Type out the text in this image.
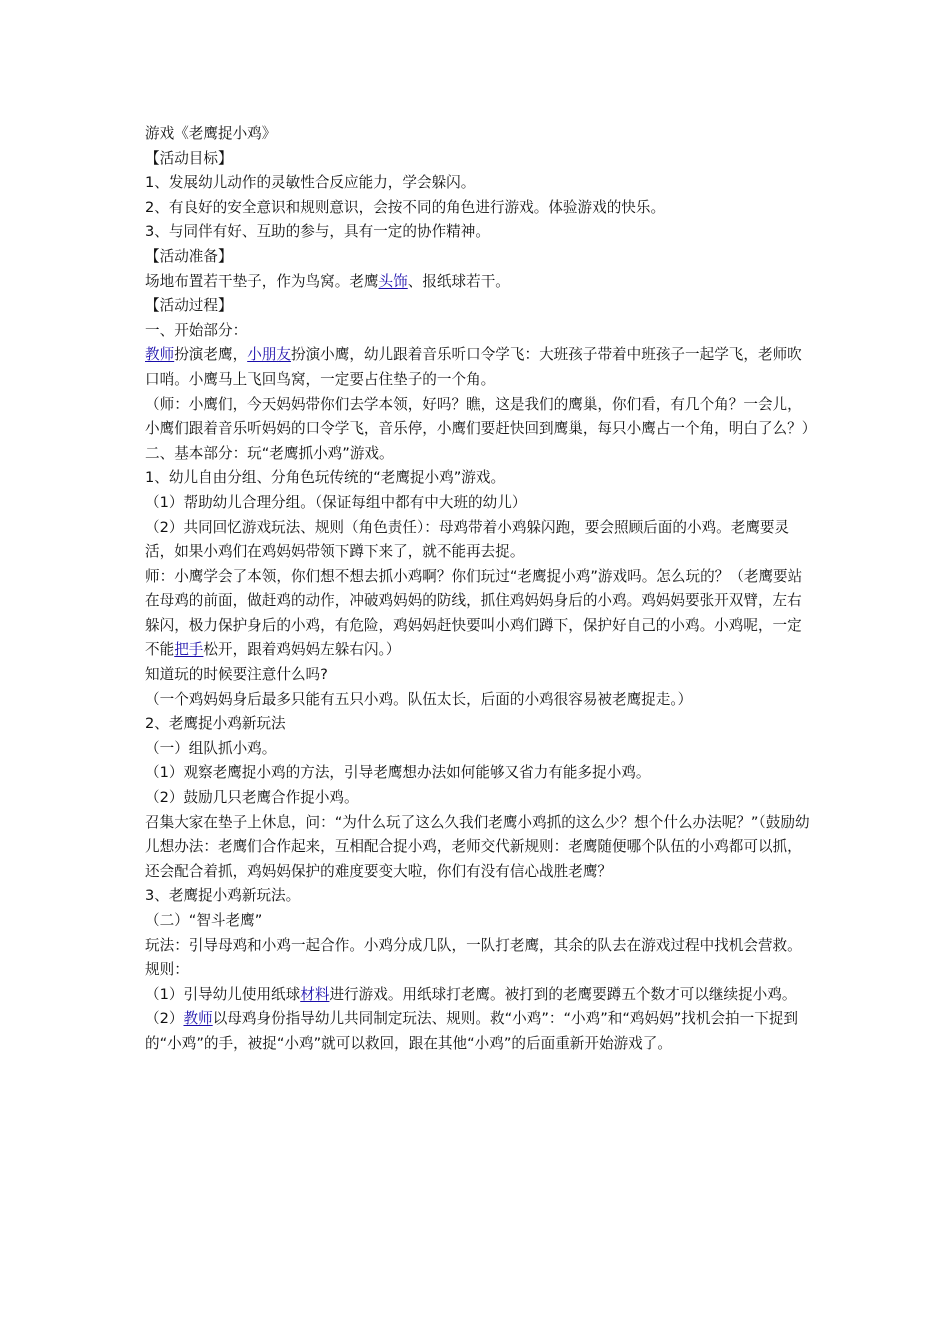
游戏《老鹰捉小鸡》
【活动目标】
1、发展幼儿动作的灵敏性合反应能力，学会躲闪。
2、有良好的安全意识和规则意识，会按不同的角色进行游戏。体验游戏的快乐。
3、与同伴有好、互助的参与，具有一定的协作精神。
【活动准备】
场地布置若干垫子，作为鸟窝。老鹰头饰、报纸球若干。
【活动过程】
一、开始部分：
教师扮演老鹰，小朋友扮演小鹰，幼儿跟着音乐听口令学飞：大班孩子带着中班孩子一起学飞，老师吹口哨。小鹰马上飞回鸟窝，一定要占住垫子的一个角。
（师：小鹰们，今天妈妈带你们去学本领，好吗？瞧，这是我们的鹰巢，你们看，有几个角？一会儿，小鹰们跟着音乐听妈妈的口令学飞，音乐停，小鹰们要赶快回到鹰巢，每只小鹰占一个角，明白了么？）
二、基本部分：玩“老鹰抓小鸡”游戏。
1、幼儿自由分组、分角色玩传统的“老鹰捉小鸡”游戏。
（1）帮助幼儿合理分组。（保证每组中都有中大班的幼儿）
（2）共同回忆游戏玩法、规则（角色责任）：母鸡带着小鸡躲闪跑，要会照顾后面的小鸡。老鹰要灵活，如果小鸡们在鸡妈妈带领下蹲下来了，就不能再去捉。
师：小鹰学会了本领，你们想不想去抓小鸡啊？你们玩过“老鹰捉小鸡”游戏吗。怎么玩的？（老鹰要站在母鸡的前面，做赶鸡的动作，冲破鸡妈妈的防线，抓住鸡妈妈身后的小鸡。鸡妈妈要张开双臂，左右躲闪，极力保护身后的小鸡，有危险，鸡妈妈赶快要叫小鸡们蹲下，保护好自己的小鸡。小鸡呢，一定不能把手松开，跟着鸡妈妈左躲右闪。）
知道玩的时候要注意什么吗?
（一个鸡妈妈身后最多只能有五只小鸡。队伍太长，后面的小鸡很容易被老鹰捉走。）
2、老鹰捉小鸡新玩法
（一）组队抓小鸡。
（1）观察老鹰捉小鸡的方法，引导老鹰想办法如何能够又省力有能多捉小鸡。
（2）鼓励几只老鹰合作捉小鸡。
召集大家在垫子上休息，问：“为什么玩了这么久我们老鹰小鸡抓的这么少？想个什么办法呢？”（鼓励幼儿想办法：老鹰们合作起来，互相配合捉小鸡，老师交代新规则：老鹰随便哪个队伍的小鸡都可以抓，还会配合着抓，鸡妈妈保护的难度要变大啦，你们有没有信心战胜老鹰？
3、老鹰捉小鸡新玩法。
（二）“智斗老鹰”
玩法：引导母鸡和小鸡一起合作。小鸡分成几队，一队打老鹰，其余的队去在游戏过程中找机会营救。
规则：
（1）引导幼儿使用纸球材料进行游戏。用纸球打老鹰。被打到的老鹰要蹲五个数才可以继续捉小鸡。
（2）教师以母鸡身份指导幼儿共同制定玩法、规则。救“小鸡”：“小鸡”和“鸡妈妈”找机会拍一下捉到的“小鸡”的手，被捉“小鸡”就可以救回，跟在其他“小鸡”的后面重新开始游戏了。
